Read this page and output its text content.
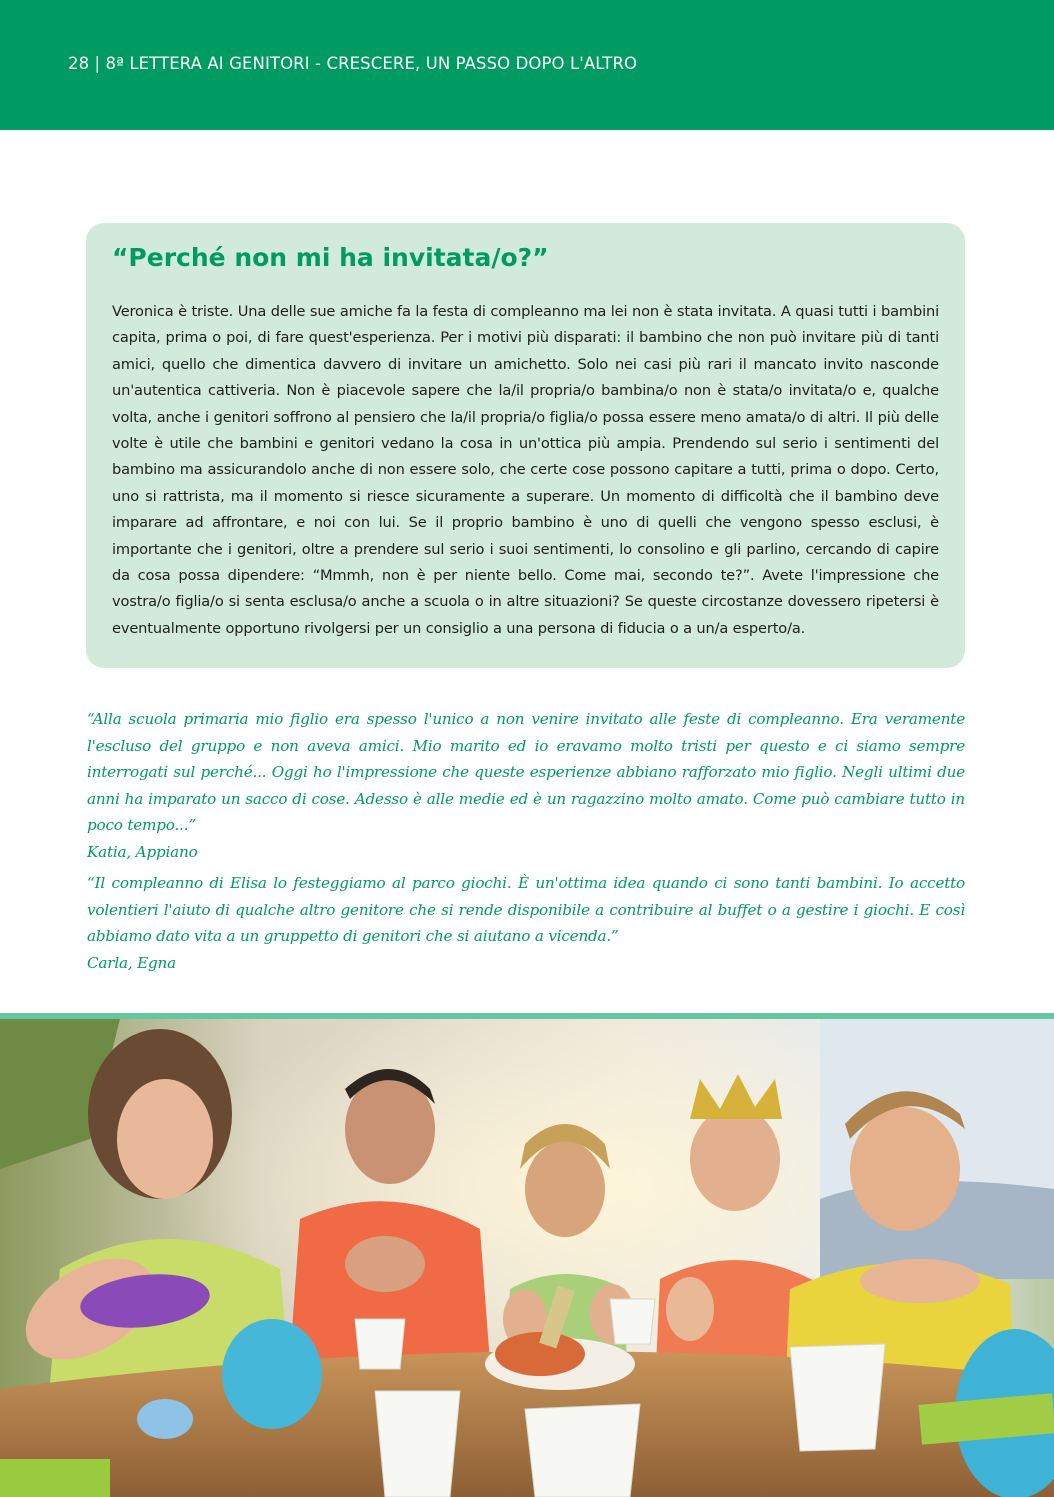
28 | 8ª LETTERA AI GENITORI - CRESCERE, UN PASSO DOPO L'ALTRO
“Perché non mi ha invitata/o?”

Veronica è triste. Una delle sue amiche fa la festa di compleanno ma lei non è stata invitata. A quasi tutti i bambini capita, prima o poi, di fare quest'esperienza. Per i motivi più disparati: il bambino che non può invitare più di tanti amici, quello che dimentica davvero di invitare un amichetto. Solo nei casi più rari il mancato invito nasconde un'autentica cattiveria. Non è piacevole sapere che la/il propria/o bambina/o non è stata/o invitata/o e, qualche volta, anche i genitori soffrono al pensiero che la/il propria/o figlia/o possa essere meno amata/o di altri. Il più delle volte è utile che bambini e genitori vedano la cosa in un'ottica più ampia. Prendendo sul serio i sentimenti del bambino ma assicurandolo anche di non essere solo, che certe cose possono capitare a tutti, prima o dopo. Certo, uno si rattrista, ma il momento si riesce sicuramente a superare. Un momento di difficoltà che il bambino deve imparare ad affrontare, e noi con lui. Se il proprio bambino è uno di quelli che vengono spesso esclusi, è importante che i genitori, oltre a prendere sul serio i suoi sentimenti, lo consolino e gli parlino, cercando di capire da cosa possa dipendere: “Mmmh, non è per niente bello. Come mai, secondo te?”. Avete l'impressione che vostra/o figlia/o si senta esclusa/o anche a scuola o in altre situazioni? Se queste circostanze dovessero ripetersi è eventualmente opportuno rivolgersi per un consiglio a una persona di fiducia o a un/a esperto/a.

“Alla scuola primaria mio figlio era spesso l'unico a non venire invitato alle feste di compleanno. Era veramente l'escluso del gruppo e non aveva amici. Mio marito ed io eravamo molto tristi per questo e ci siamo sempre interrogati sul perché... Oggi ho l'impressione che queste esperienze abbiano rafforzato mio figlio. Negli ultimi due anni ha imparato un sacco di cose. Adesso è alle medie ed è un ragazzino molto amato. Come può cambiare tutto in poco tempo...”
Katia, Appiano

“Il compleanno di Elisa lo festeggiamo al parco giochi. È un'ottima idea quando ci sono tanti bambini. Io accetto volentieri l'aiuto di qualche altro genitore che si rende disponibile a contribuire al buffet o a gestire i giochi. E così abbiamo dato vita a un gruppetto di genitori che si aiutano a vicenda.”
Carla, Egna
